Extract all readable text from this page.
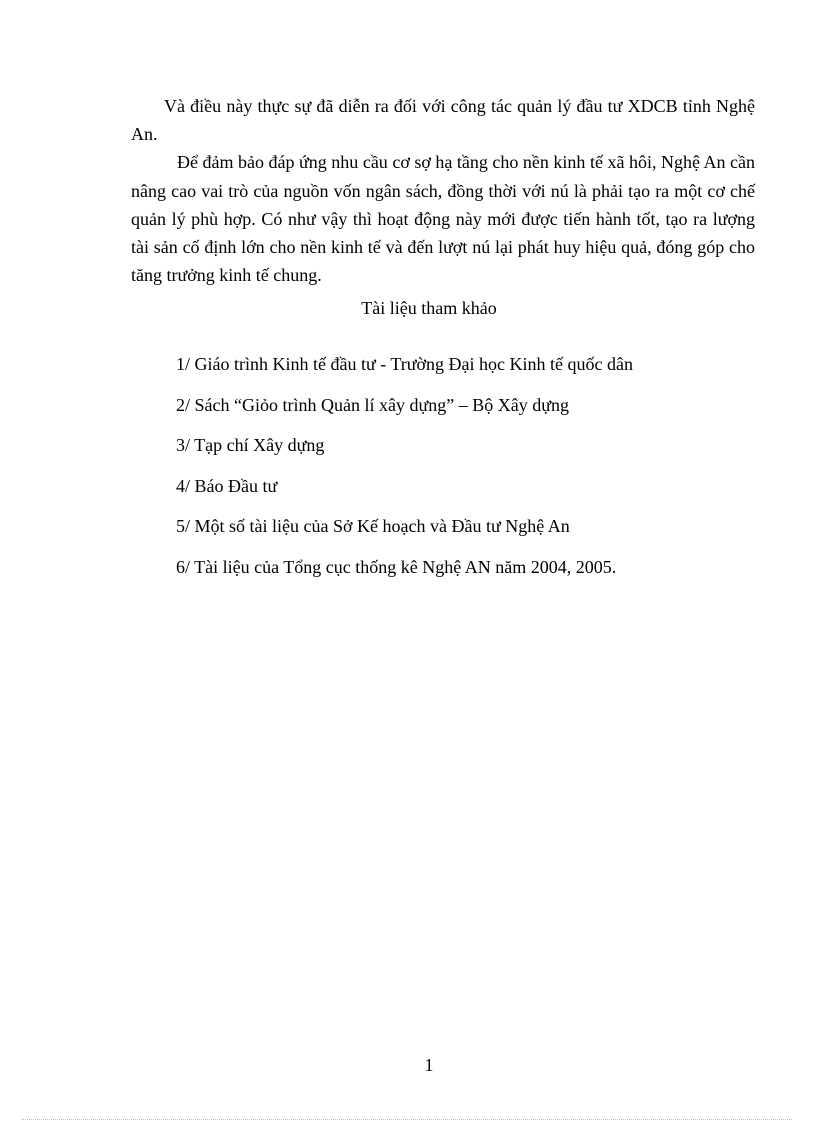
Và điều này thực sự đã diễn ra đối với công tác quản lý đầu tư XDCB tỉnh Nghệ An.

Để đảm bảo đáp ứng nhu cầu cơ sợ hạ tầng cho nền kinh tế xã hôi, Nghệ An cần nâng cao vai trò của nguồn vốn ngân sách, đồng thời với nú là phải tạo ra một cơ chế quản lý phù hợp. Có như vậy thì hoạt động này mới được tiến hành tốt, tạo ra lượng tài sản cố định lớn cho nền kinh tế và đến lượt nú lại phát huy hiệu quả, đóng góp cho tăng trưởng kinh tế chung.

Tài liệu tham khảo

1/ Giáo trình Kinh tế đầu tư - Trường Đại học Kinh tế quốc dân
2/ Sách “Giỏo trình Quản lí xây dựng” – Bộ Xây dựng
3/ Tạp chí Xây dựng
4/ Báo Đầu tư
5/ Một số tài liệu của Sở Kế hoạch và Đầu tư Nghệ An
6/ Tài liệu của Tổng cục thống kê Nghệ AN năm 2004, 2005.
1
